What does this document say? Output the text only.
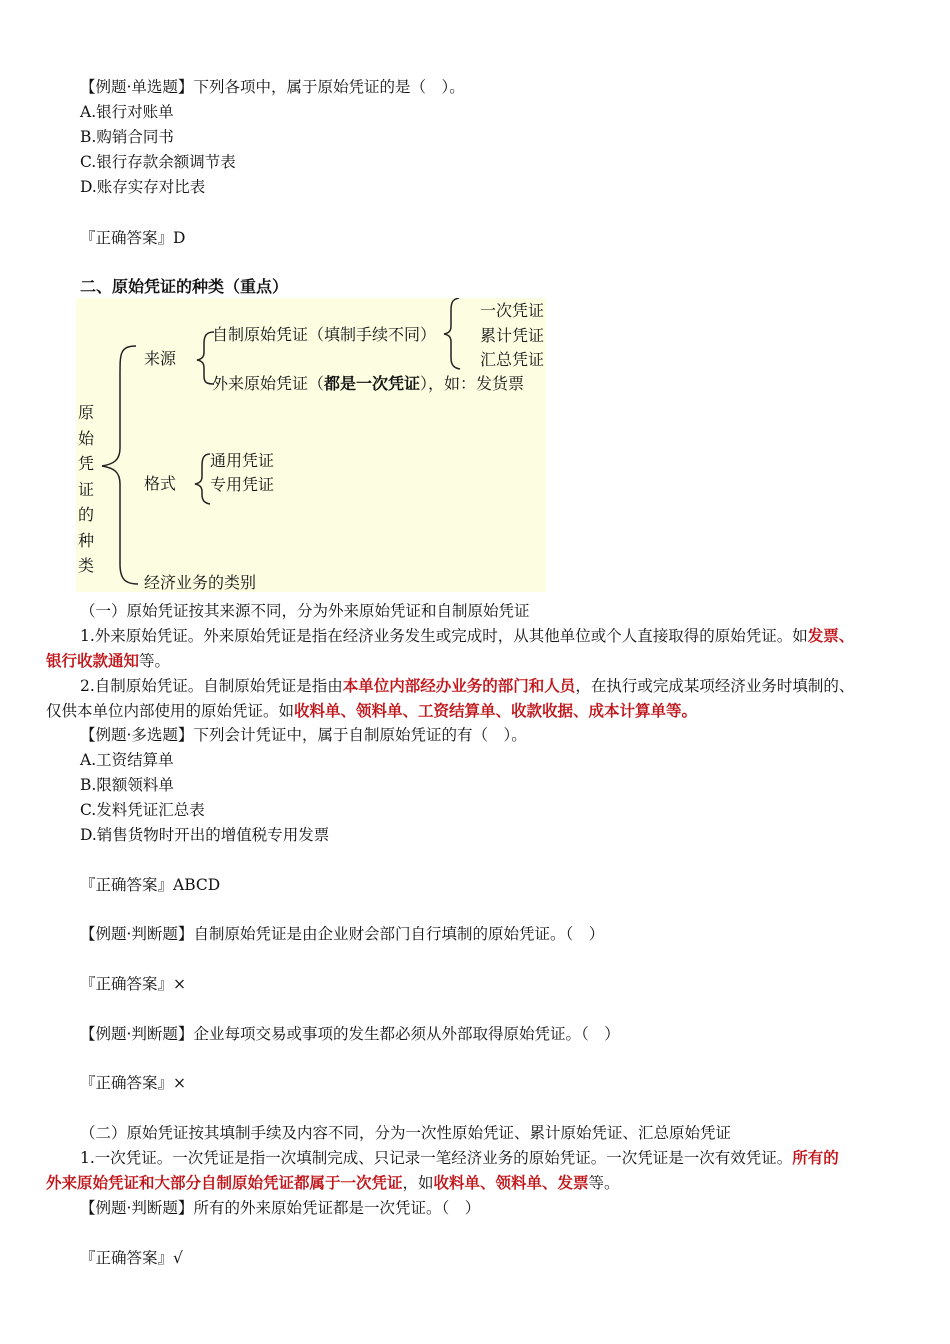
【例题·单选题】下列各项中，属于原始凭证的是（　）。
A.银行对账单
B.购销合同书
C.银行存款余额调节表
D.账存实存对比表
『正确答案』D
二、原始凭证的种类（重点）
原
始
凭
证
的
种
类
来源
自制原始凭证（填制手续不同）
一次凭证
累计凭证
汇总凭证
外来原始凭证（都是一次凭证），如：发货票
格式
通用凭证
专用凭证
经济业务的类别
（一）原始凭证按其来源不同，分为外来原始凭证和自制原始凭证
1.外来原始凭证。外来原始凭证是指在经济业务发生或完成时，从其他单位或个人直接取得的原始凭证。如发票、
银行收款通知等。
2.自制原始凭证。自制原始凭证是指由本单位内部经办业务的部门和人员，在执行或完成某项经济业务时填制的、
仅供本单位内部使用的原始凭证。如收料单、领料单、工资结算单、收款收据、成本计算单等。
【例题·多选题】下列会计凭证中，属于自制原始凭证的有（　）。
A.工资结算单
B.限额领料单
C.发料凭证汇总表
D.销售货物时开出的增值税专用发票
『正确答案』ABCD
【例题·判断题】自制原始凭证是由企业财会部门自行填制的原始凭证。（　）
『正确答案』×
【例题·判断题】企业每项交易或事项的发生都必须从外部取得原始凭证。（　）
『正确答案』×
（二）原始凭证按其填制手续及内容不同，分为一次性原始凭证、累计原始凭证、汇总原始凭证
1.一次凭证。一次凭证是指一次填制完成、只记录一笔经济业务的原始凭证。一次凭证是一次有效凭证。所有的
外来原始凭证和大部分自制原始凭证都属于一次凭证，如收料单、领料单、发票等。
【例题·判断题】所有的外来原始凭证都是一次凭证。（　）
『正确答案』√
